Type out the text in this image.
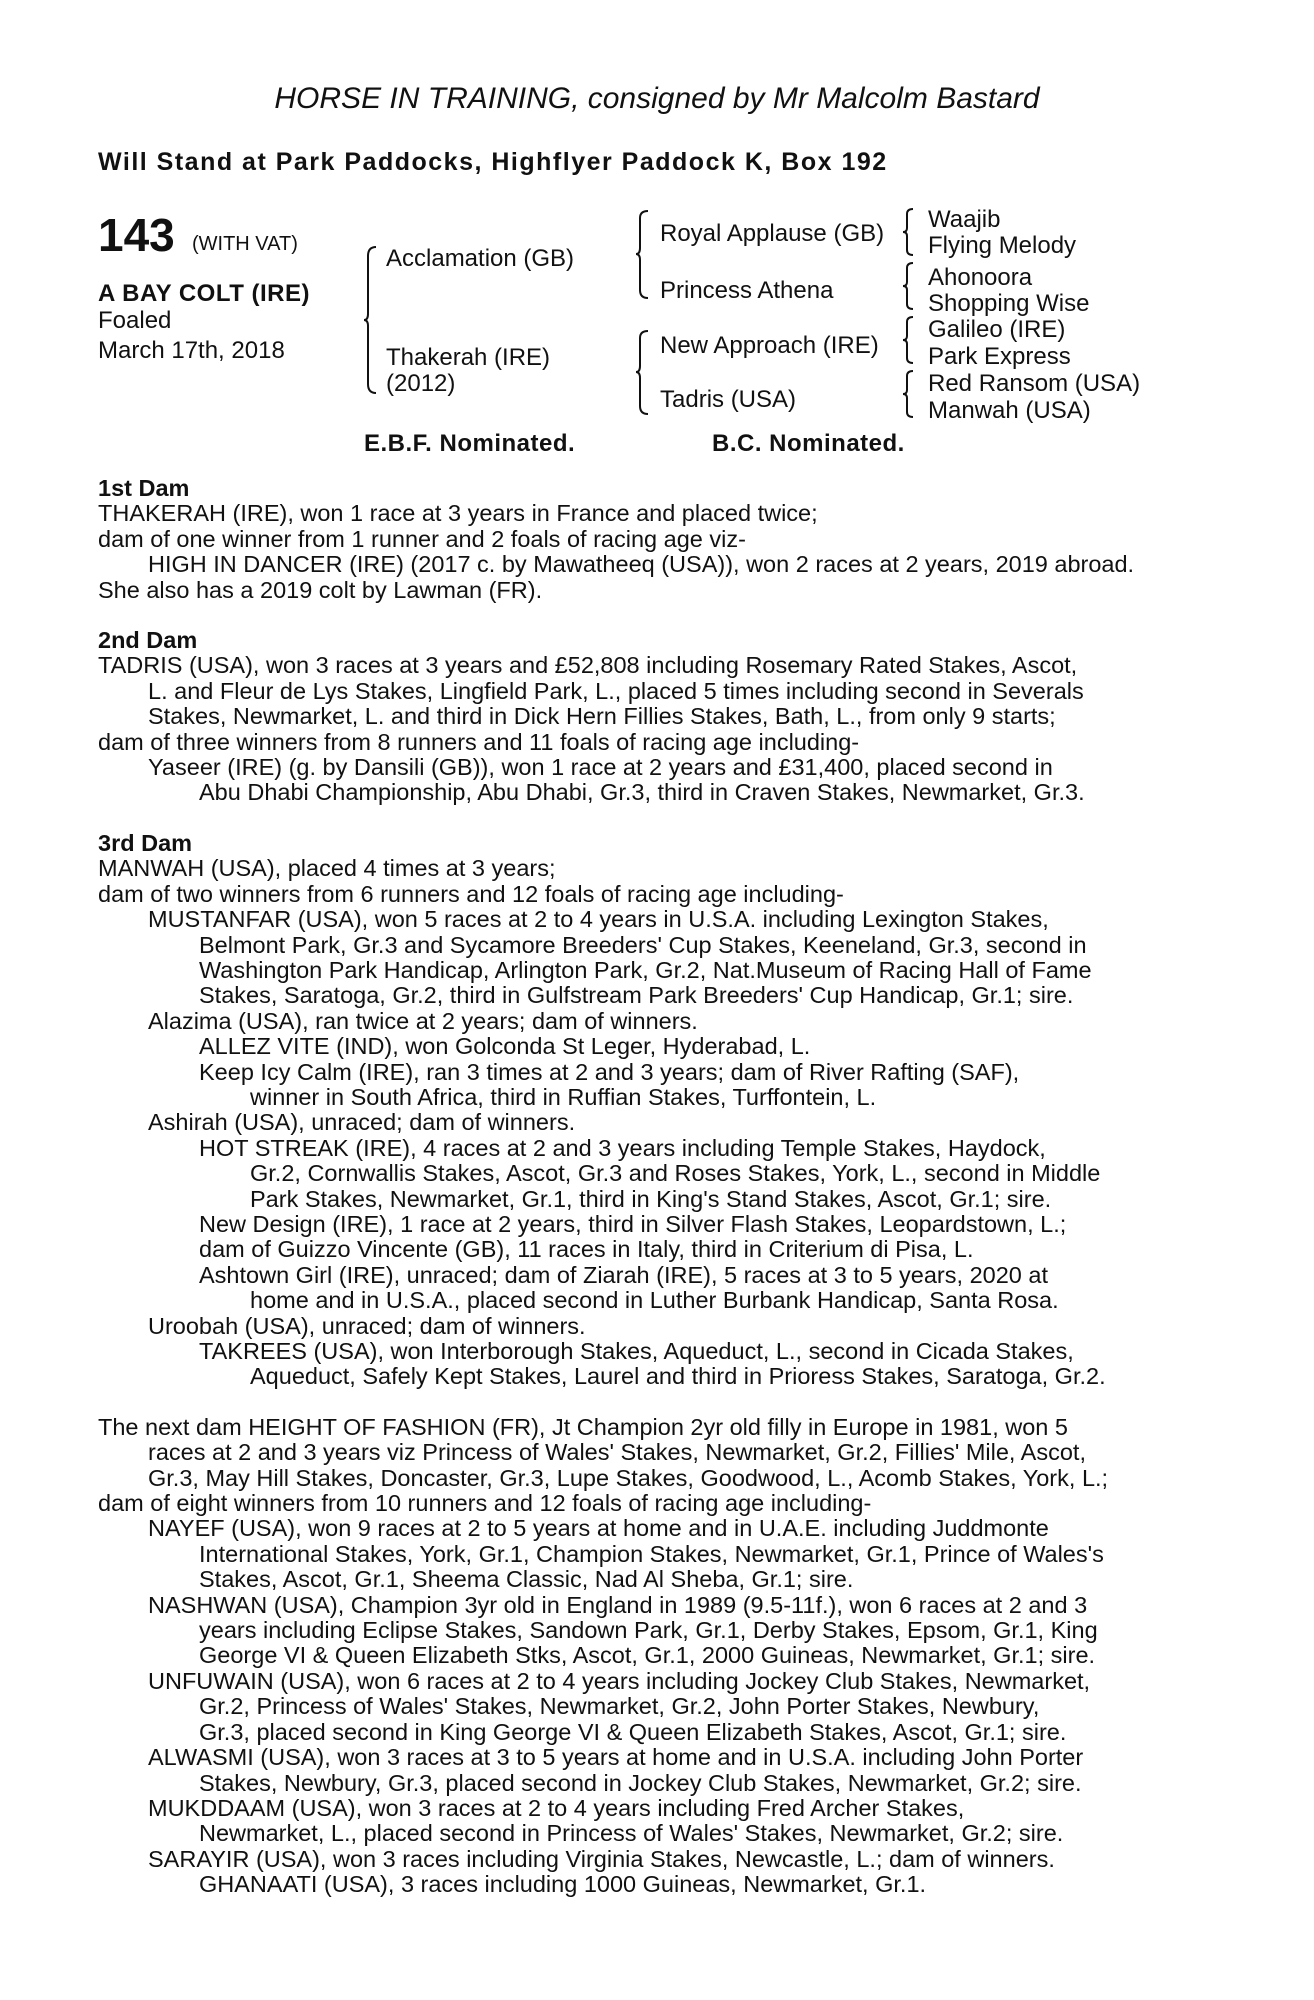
HORSE IN TRAINING, consigned by Mr Malcolm Bastard
Will Stand at Park Paddocks, Highflyer Paddock K, Box 192
143 (WITH VAT)
A BAY COLT (IRE)
Foaled
March 17th, 2018
Acclamation (GB)
Thakerah (IRE)
(2012)
Royal Applause (GB)
Princess Athena
New Approach (IRE)
Tadris (USA)
Waajib
Flying Melody
Ahonoora
Shopping Wise
Galileo (IRE)
Park Express
Red Ransom (USA)
Manwah (USA)
E.B.F. Nominated.	B.C. Nominated.

1st Dam

THAKERAH (IRE), won 1 race at 3 years in France and placed twice;

dam of one winner from 1 runner and 2 foals of racing age viz-

HIGH IN DANCER (IRE) (2017 c. by Mawatheeq (USA)), won 2 races at 2 years, 2019 abroad.

She also has a 2019 colt by Lawman (FR).

2nd Dam

TADRIS (USA), won 3 races at 3 years and £52,808 including Rosemary Rated Stakes, Ascot,

L. and Fleur de Lys Stakes, Lingfield Park, L., placed 5 times including second in Severals

Stakes, Newmarket, L. and third in Dick Hern Fillies Stakes, Bath, L., from only 9 starts;

dam of three winners from 8 runners and 11 foals of racing age including-

Yaseer (IRE) (g. by Dansili (GB)), won 1 race at 2 years and £31,400, placed second in

Abu Dhabi Championship, Abu Dhabi, Gr.3, third in Craven Stakes, Newmarket, Gr.3.

3rd Dam

MANWAH (USA), placed 4 times at 3 years;

dam of two winners from 6 runners and 12 foals of racing age including-

MUSTANFAR (USA), won 5 races at 2 to 4 years in U.S.A. including Lexington Stakes,

Belmont Park, Gr.3 and Sycamore Breeders' Cup Stakes, Keeneland, Gr.3, second in

Washington Park Handicap, Arlington Park, Gr.2, Nat.Museum of Racing Hall of Fame

Stakes, Saratoga, Gr.2, third in Gulfstream Park Breeders' Cup Handicap, Gr.1; sire.

Alazima (USA), ran twice at 2 years; dam of winners.

ALLEZ VITE (IND), won Golconda St Leger, Hyderabad, L.

Keep Icy Calm (IRE), ran 3 times at 2 and 3 years; dam of River Rafting (SAF),

winner in South Africa, third in Ruffian Stakes, Turffontein, L.

Ashirah (USA), unraced; dam of winners.

HOT STREAK (IRE), 4 races at 2 and 3 years including Temple Stakes, Haydock,

Gr.2, Cornwallis Stakes, Ascot, Gr.3 and Roses Stakes, York, L., second in Middle

Park Stakes, Newmarket, Gr.1, third in King's Stand Stakes, Ascot, Gr.1; sire.

New Design (IRE), 1 race at 2 years, third in Silver Flash Stakes, Leopardstown, L.;

dam of Guizzo Vincente (GB), 11 races in Italy, third in Criterium di Pisa, L.

Ashtown Girl (IRE), unraced; dam of Ziarah (IRE), 5 races at 3 to 5 years, 2020 at

home and in U.S.A., placed second in Luther Burbank Handicap, Santa Rosa.

Uroobah (USA), unraced; dam of winners.

TAKREES (USA), won Interborough Stakes, Aqueduct, L., second in Cicada Stakes,

Aqueduct, Safely Kept Stakes, Laurel and third in Prioress Stakes, Saratoga, Gr.2.

The next dam HEIGHT OF FASHION (FR), Jt Champion 2yr old filly in Europe in 1981, won 5

races at 2 and 3 years viz Princess of Wales' Stakes, Newmarket, Gr.2, Fillies' Mile, Ascot,

Gr.3, May Hill Stakes, Doncaster, Gr.3, Lupe Stakes, Goodwood, L., Acomb Stakes, York, L.;

dam of eight winners from 10 runners and 12 foals of racing age including-

NAYEF (USA), won 9 races at 2 to 5 years at home and in U.A.E. including Juddmonte

International Stakes, York, Gr.1, Champion Stakes, Newmarket, Gr.1, Prince of Wales's

Stakes, Ascot, Gr.1, Sheema Classic, Nad Al Sheba, Gr.1; sire.

NASHWAN (USA), Champion 3yr old in England in 1989 (9.5-11f.), won 6 races at 2 and 3

years including Eclipse Stakes, Sandown Park, Gr.1, Derby Stakes, Epsom, Gr.1, King

George VI & Queen Elizabeth Stks, Ascot, Gr.1, 2000 Guineas, Newmarket, Gr.1; sire.

UNFUWAIN (USA), won 6 races at 2 to 4 years including Jockey Club Stakes, Newmarket,

Gr.2, Princess of Wales' Stakes, Newmarket, Gr.2, John Porter Stakes, Newbury,

Gr.3, placed second in King George VI & Queen Elizabeth Stakes, Ascot, Gr.1; sire.

ALWASMI (USA), won 3 races at 3 to 5 years at home and in U.S.A. including John Porter

Stakes, Newbury, Gr.3, placed second in Jockey Club Stakes, Newmarket, Gr.2; sire.

MUKDDAAM (USA), won 3 races at 2 to 4 years including Fred Archer Stakes,

Newmarket, L., placed second in Princess of Wales' Stakes, Newmarket, Gr.2; sire.

SARAYIR (USA), won 3 races including Virginia Stakes, Newcastle, L.; dam of winners.

GHANAATI (USA), 3 races including 1000 Guineas, Newmarket, Gr.1.
